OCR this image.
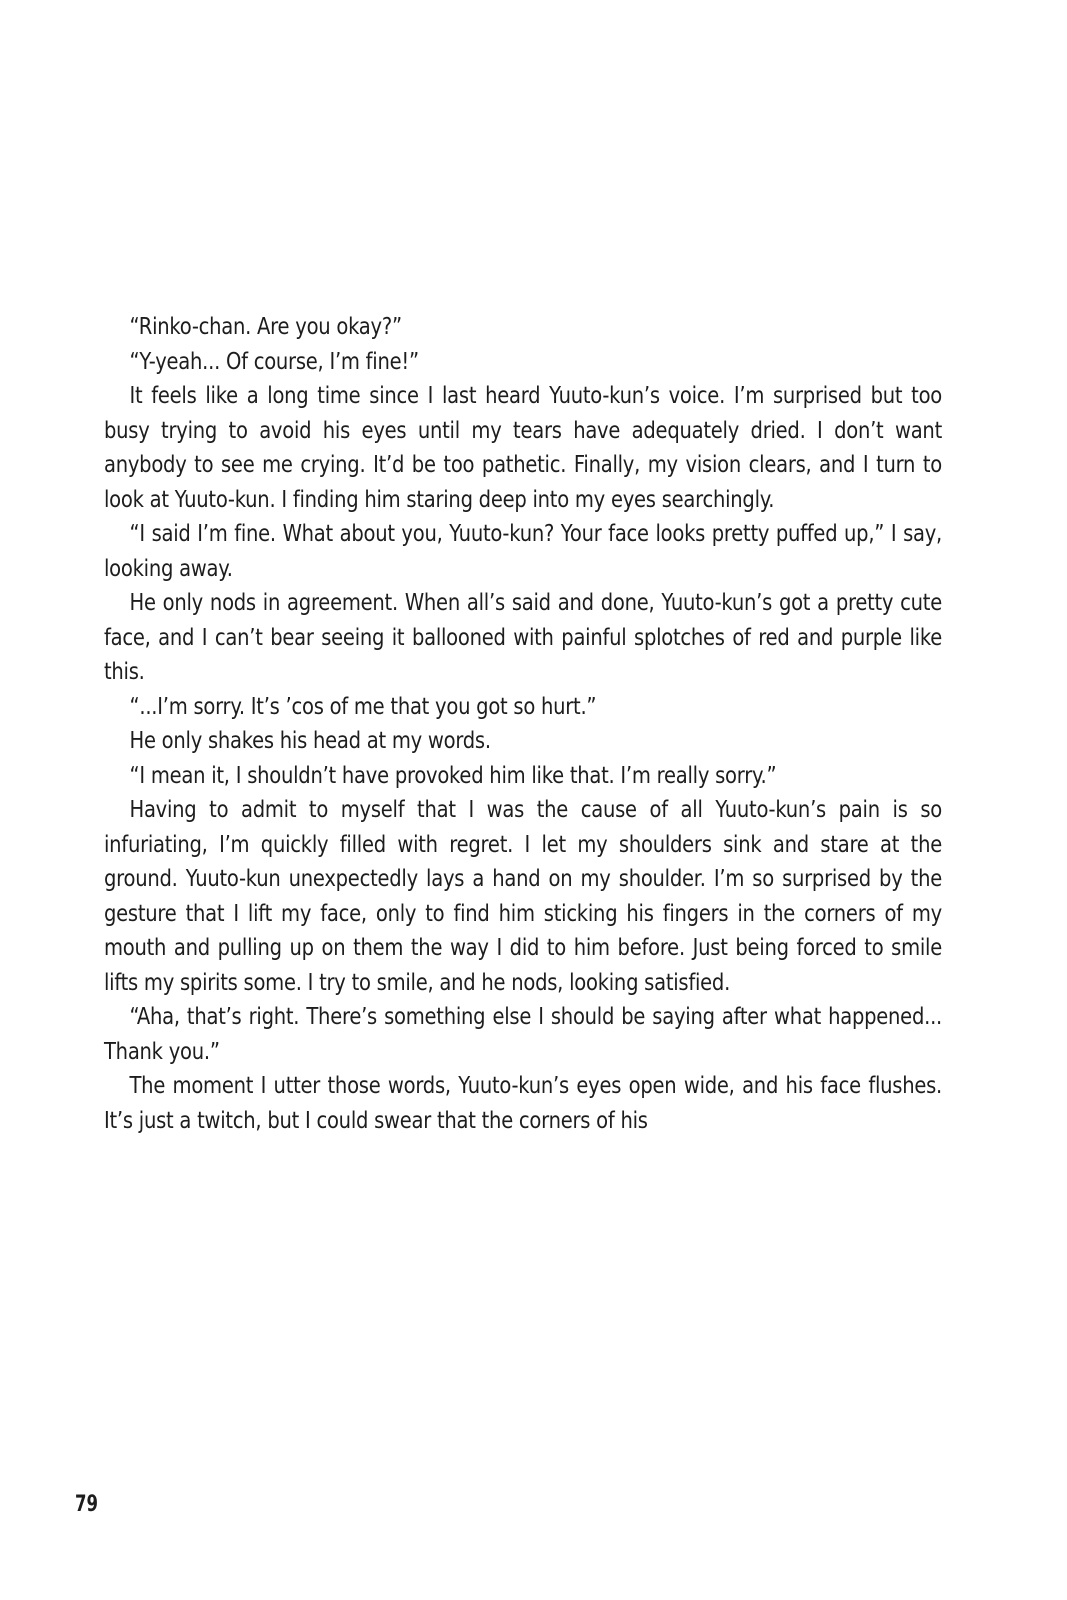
“Rinko-chan. Are you okay?”

“Y-yeah... Of course, I’m fine!”

It feels like a long time since I last heard Yuuto-kun’s voice. I’m surprised but too busy trying to avoid his eyes until my tears have adequately dried. I don’t want anybody to see me crying. It’d be too pathetic. Finally, my vision clears, and I turn to look at Yuuto-kun. I finding him staring deep into my eyes searchingly.

“I said I’m fine. What about you, Yuuto-kun? Your face looks pretty puffed up,” I say, looking away.

He only nods in agreement. When all’s said and done, Yuuto-kun’s got a pretty cute face, and I can’t bear seeing it ballooned with painful splotches of red and purple like this.

“...I’m sorry. It’s ’cos of me that you got so hurt.”

He only shakes his head at my words.

“I mean it, I shouldn’t have provoked him like that. I’m really sorry.”

Having to admit to myself that I was the cause of all Yuuto-kun’s pain is so infuriating, I’m quickly filled with regret. I let my shoulders sink and stare at the ground. Yuuto-kun unexpectedly lays a hand on my shoulder. I’m so surprised by the gesture that I lift my face, only to find him sticking his fingers in the corners of my mouth and pulling up on them the way I did to him before. Just being forced to smile lifts my spirits some. I try to smile, and he nods, looking satisfied.

“Aha, that’s right. There’s something else I should be saying after what happened... Thank you.”

The moment I utter those words, Yuuto-kun’s eyes open wide, and his face flushes. It’s just a twitch, but I could swear that the corners of his

79
